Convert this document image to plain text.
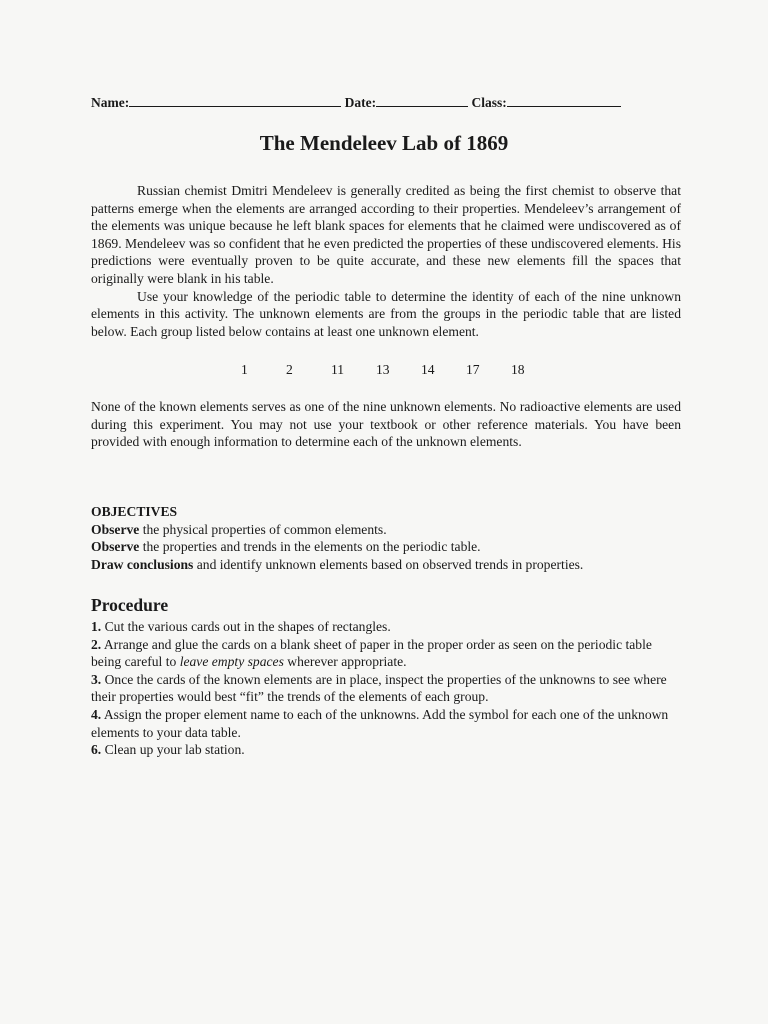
Name:	Date:	Class:
The Mendeleev Lab of 1869

Russian chemist Dmitri Mendeleev is generally credited as being the first chemist to observe that patterns emerge when the elements are arranged according to their properties. Mendeleev’s arrangement of the elements was unique because he left blank spaces for elements that he claimed were undiscovered as of 1869. Mendeleev was so confident that he even predicted the properties of these undiscovered elements. His predictions were eventually proven to be quite accurate, and these new elements fill the spaces that originally were blank in his table.

Use your knowledge of the periodic table to determine the identity of each of the nine unknown elements in this activity. The unknown elements are from the groups in the periodic table that are listed below. Each group listed below contains at least one unknown element.

1	2	11 13 14 17 18

None of the known elements serves as one of the nine unknown elements. No radioactive elements are used during this experiment. You may not use your textbook or other reference materials. You have been provided with enough information to determine each of the unknown elements.

OBJECTIVES

Observe the physical properties of common elements.

Observe the properties and trends in the elements on the periodic table.

Draw conclusions and identify unknown elements based on observed trends in properties.

Procedure

1. Cut the various cards out in the shapes of rectangles.

2. Arrange and glue the cards on a blank sheet of paper in the proper order as seen on the periodic table being careful to leave empty spaces wherever appropriate.

3. Once the cards of the known elements are in place, inspect the properties of the unknowns to see where their properties would best “fit” the trends of the elements of each group.

4. Assign the proper element name to each of the unknowns. Add the symbol for each one of the unknown elements to your data table.

6. Clean up your lab station.
